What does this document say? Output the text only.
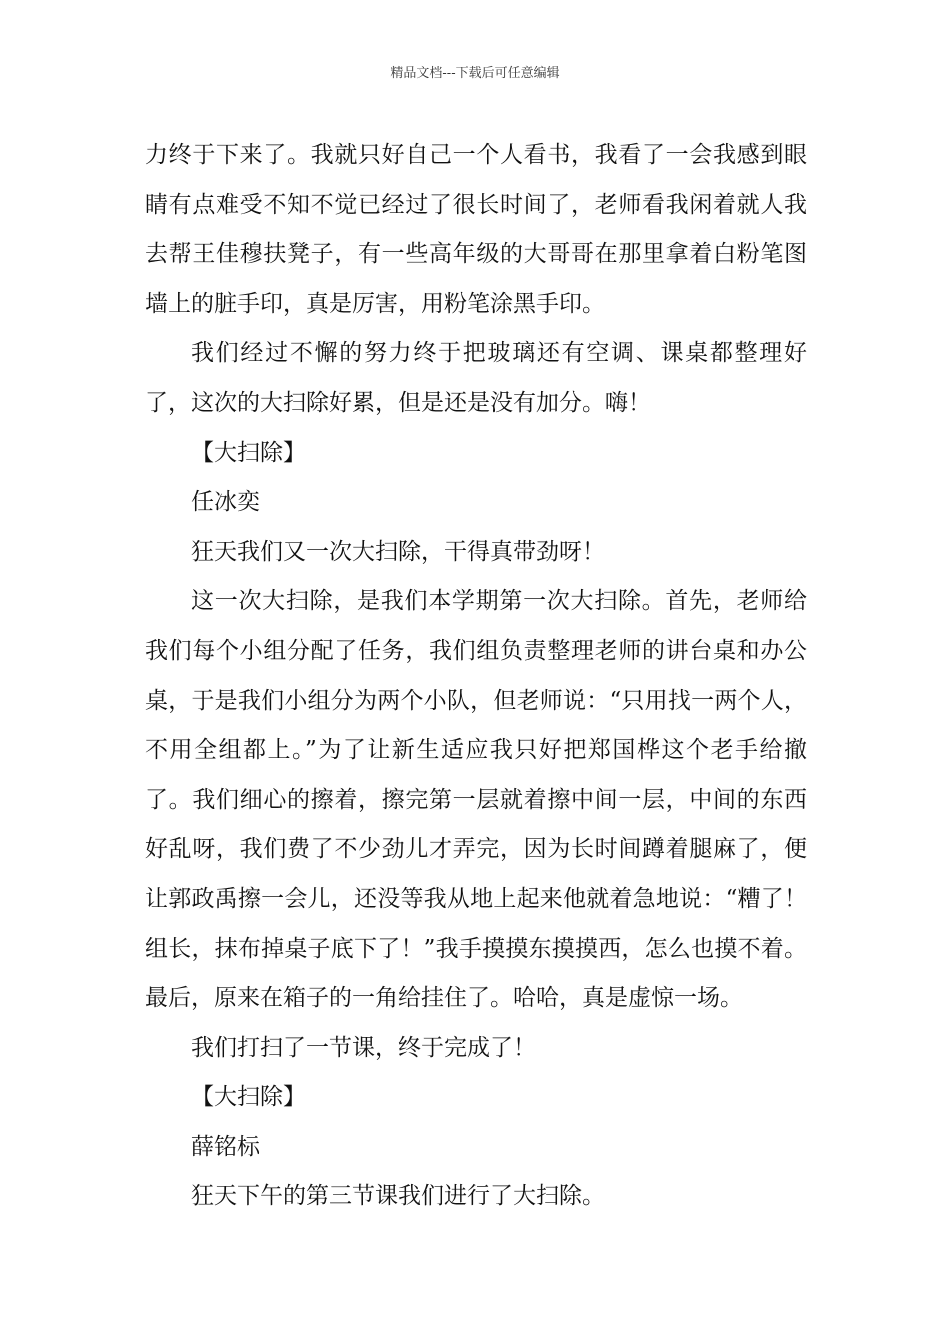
精品文档---下载后可任意编辑

力终于下来了。我就只好自己一个人看书，我看了一会我感到眼睛有点难受不知不觉已经过了很长时间了，老师看我闲着就人我去帮王佳穆扶凳子，有一些高年级的大哥哥在那里拿着白粉笔图墙上的脏手印，真是厉害，用粉笔涂黑手印。

我们经过不懈的努力终于把玻璃还有空调、课桌都整理好了，这次的大扫除好累，但是还是没有加分。嗨！

【大扫除】

任冰奕

狂天我们又一次大扫除，干得真带劲呀！

这一次大扫除，是我们本学期第一次大扫除。首先，老师给我们每个小组分配了任务，我们组负责整理老师的讲台桌和办公桌，于是我们小组分为两个小队，但老师说：“只用找一两个人，不用全组都上。”为了让新生适应我只好把郑国桦这个老手给撤了。我们细心的擦着，擦完第一层就着擦中间一层，中间的东西好乱呀，我们费了不少劲儿才弄完，因为长时间蹲着腿麻了，便让郭政禹擦一会儿，还没等我从地上起来他就着急地说：“糟了！组长，抹布掉桌子底下了！”我手摸摸东摸摸西，怎么也摸不着。最后，原来在箱子的一角给挂住了。哈哈，真是虚惊一场。

我们打扫了一节课，终于完成了！

【大扫除】

薛铭标

狂天下午的第三节课我们进行了大扫除。
